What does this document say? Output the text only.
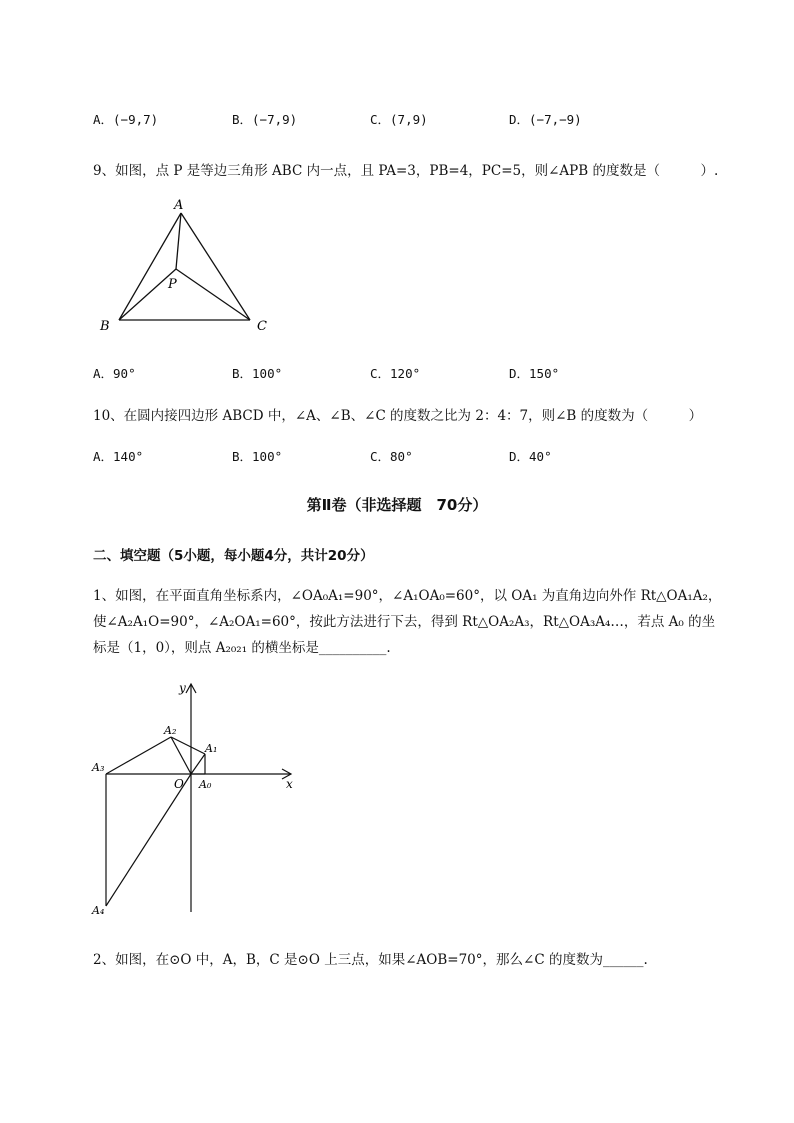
A．(−9,7)	B．(−7,9)	C．(7,9)	D．(−7,−9)
9、如图，点 P 是等边三角形 ABC 内一点，且 PA=3，PB=4，PC=5，则∠APB 的度数是（　　　）.
A
B	C
P
A．90°	B．100°	C．120°	D．150°
10、在圆内接四边形 ABCD 中，∠A、∠B、∠C 的度数之比为 2：4：7，则∠B 的度数为（　　　）
A．140°	B．100°	C．80°	D．40°
第Ⅱ卷（非选择题　70分）
二、填空题（5小题，每小题4分，共计20分）
1、如图，在平面直角坐标系内，∠OA₀A₁=90°，∠A₁OA₀=60°，以 OA₁ 为直角边向外作 Rt△OA₁A₂，
使∠A₂A₁O=90°，∠A₂OA₁=60°，按此方法进行下去，得到 Rt△OA₂A₃，Rt△OA₃A₄…，若点 A₀ 的坐
标是（1，0），则点 A₂₀₂₁ 的横坐标是__________.
y
x
O A₀
A₁
A₂
A₃
A₄
2、如图，在⊙O 中，A，B，C 是⊙O 上三点，如果∠AOB=70°，那么∠C 的度数为______.
